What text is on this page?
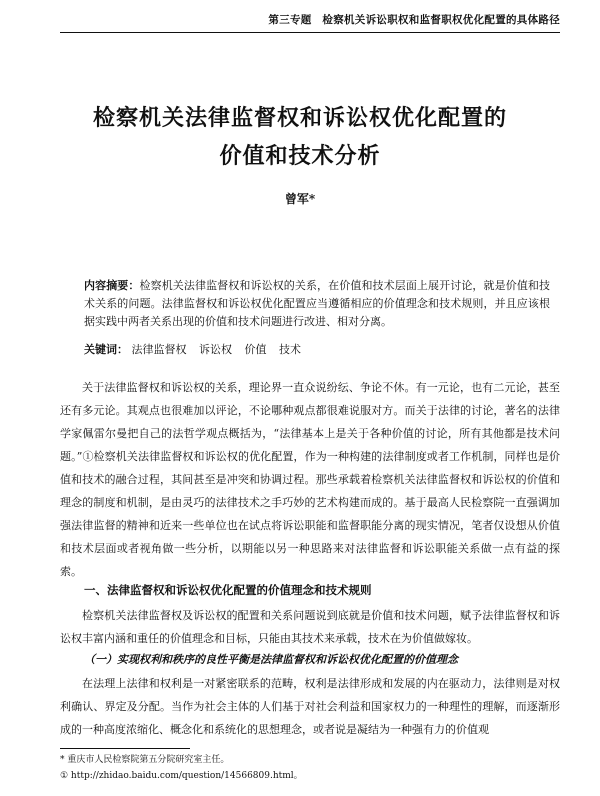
第三专题　检察机关诉讼职权和监督职权优化配置的具体路径
检察机关法律监督权和诉讼权优化配置的
价值和技术分析
曾军*
内容摘要：检察机关法律监督权和诉讼权的关系，在价值和技术层面上展开讨论，就是价值和技术关系的问题。法律监督权和诉讼权优化配置应当遵循相应的价值理念和技术规则，并且应该根据实践中两者关系出现的价值和技术问题进行改进、相对分离。
关键词： 法律监督权 诉讼权 价值 技术

关于法律监督权和诉讼权的关系，理论界一直众说纷纭、争论不休。有一元论，也有二元论，甚至还有多元论。其观点也很难加以评论，不论哪种观点都很难说服对方。而关于法律的讨论，著名的法律学家佩雷尔曼把自己的法哲学观点概括为，“法律基本上是关于各种价值的讨论，所有其他都是技术问题。”①检察机关法律监督权和诉讼权的优化配置，作为一种构建的法律制度或者工作机制，同样也是价值和技术的融合过程，其间甚至是冲突和协调过程。那些承载着检察机关法律监督权和诉讼权的价值和理念的制度和机制，是由灵巧的法律技术之手巧妙的艺术构建而成的。基于最高人民检察院一直强调加强法律监督的精神和近来一些单位也在试点将诉讼职能和监督职能分离的现实情况，笔者仅设想从价值和技术层面或者视角做一些分析，以期能以另一种思路来对法律监督和诉讼职能关系做一点有益的探索。

一、法律监督权和诉讼权优化配置的价值理念和技术规则

检察机关法律监督权及诉讼权的配置和关系问题说到底就是价值和技术问题，赋予法律监督权和诉讼权丰富内涵和重任的价值理念和目标，只能由其技术来承载，技术在为价值做嫁妆。

（一）实现权利和秩序的良性平衡是法律监督权和诉讼权优化配置的价值理念

在法理上法律和权利是一对紧密联系的范畴，权利是法律形成和发展的内在驱动力，法律则是对权利确认、界定及分配。当作为社会主体的人们基于对社会利益和国家权力的一种理性的理解，而逐渐形成的一种高度浓缩化、概念化和系统化的思想理念，或者说是凝结为一种强有力的价值观

* 重庆市人民检察院第五分院研究室主任。
① http://zhidao.baidu.com/question/14566809.html。
